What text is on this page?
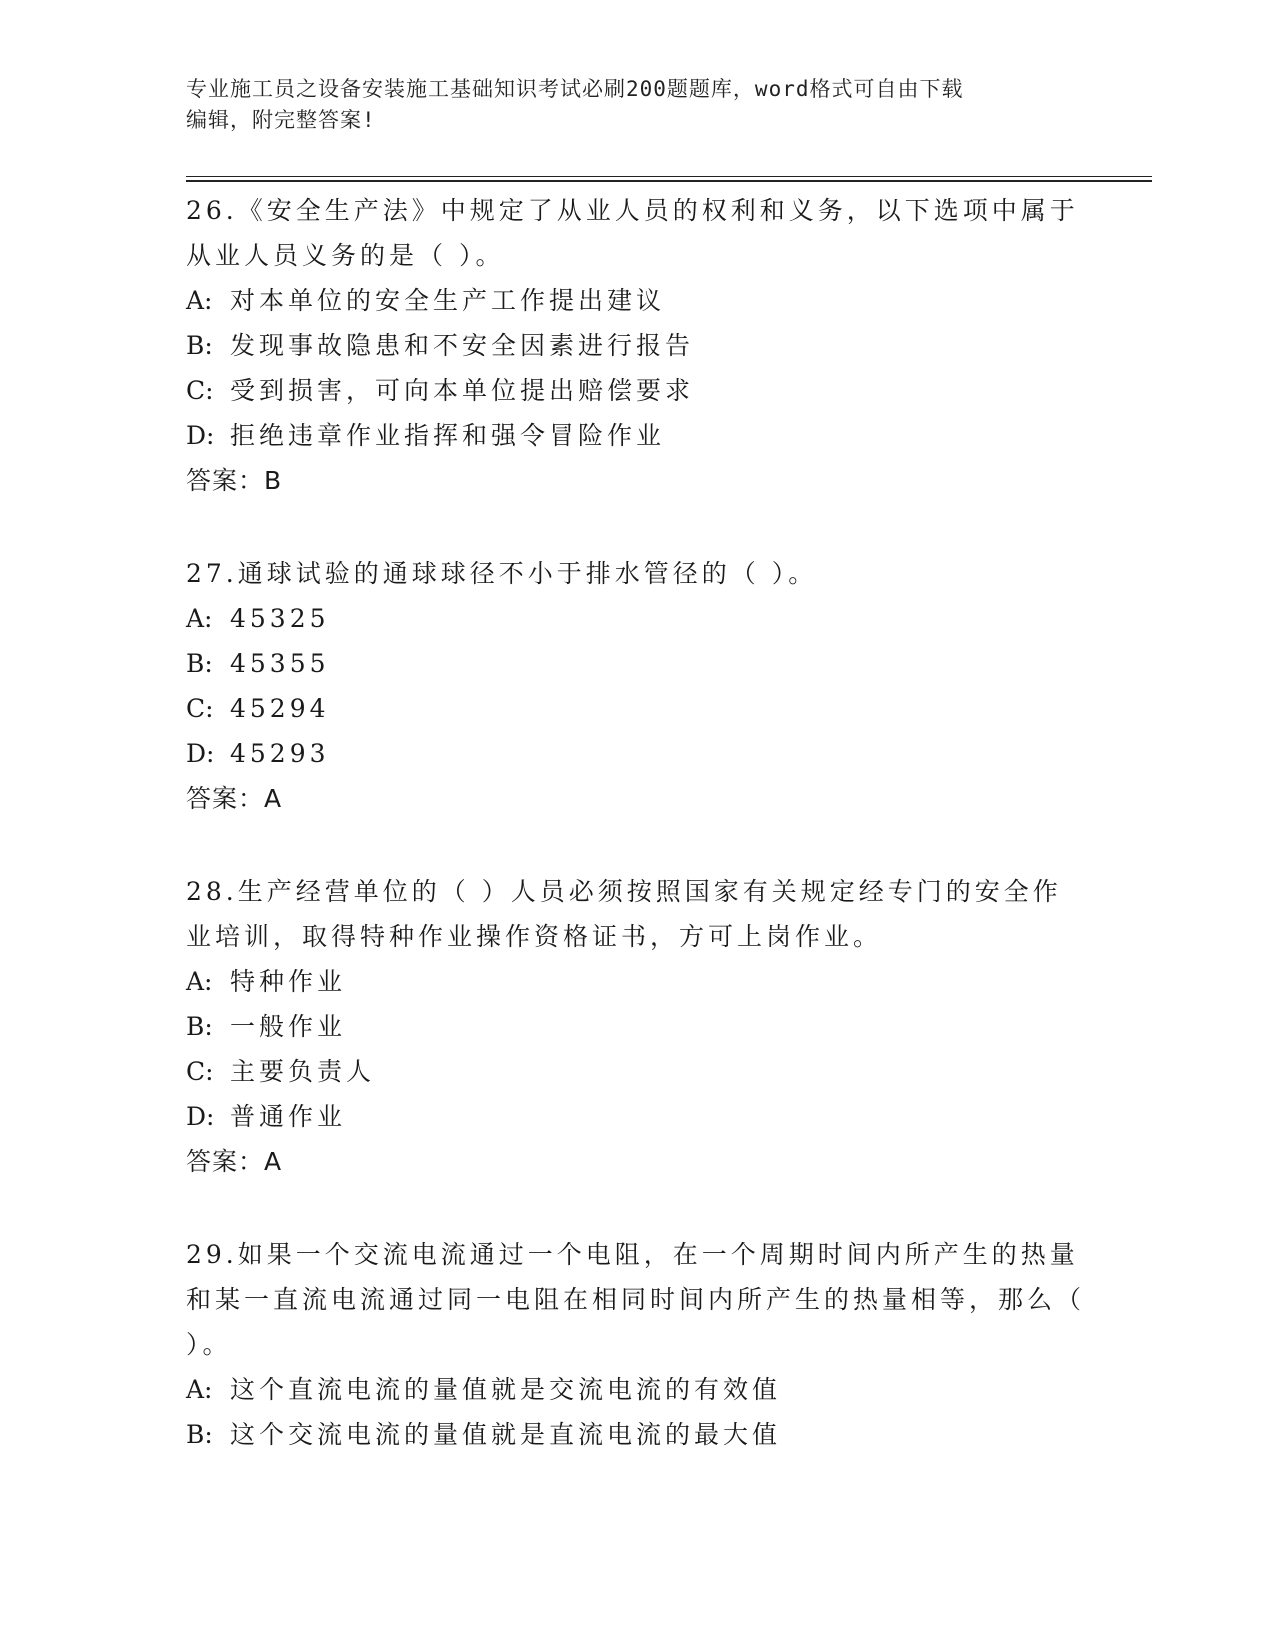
专业施工员之设备安装施工基础知识考试必刷200题题库，word格式可自由下载
编辑，附完整答案!

26.《安全生产法》中规定了从业人员的权利和义务，以下选项中属于从业人员义务的是（ ）。

A: 对本单位的安全生产工作提出建议

B: 发现事故隐患和不安全因素进行报告

C: 受到损害，可向本单位提出赔偿要求

D: 拒绝违章作业指挥和强令冒险作业

答案：B

27.通球试验的通球球径不小于排水管径的（ ）。

A: 45325

B: 45355

C: 45294

D: 45293

答案：A

28.生产经营单位的（ ）人员必须按照国家有关规定经专门的安全作业培训，取得特种作业操作资格证书，方可上岗作业。

A: 特种作业

B: 一般作业

C: 主要负责人

D: 普通作业

答案：A

29.如果一个交流电流通过一个电阻，在一个周期时间内所产生的热量和某一直流电流通过同一电阻在相同时间内所产生的热量相等，那么（ ）。

A: 这个直流电流的量值就是交流电流的有效值

B: 这个交流电流的量值就是直流电流的最大值
